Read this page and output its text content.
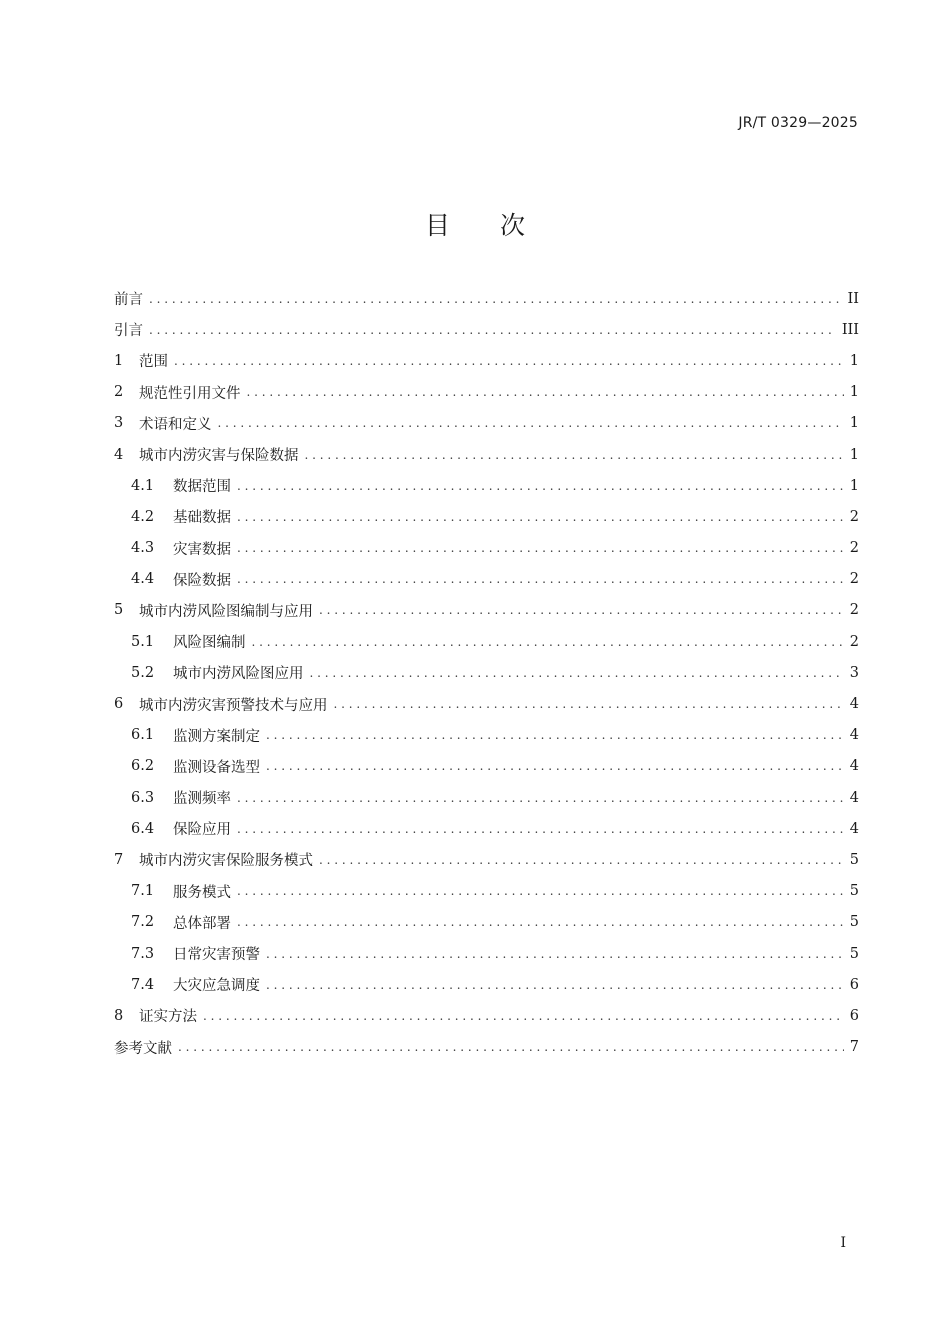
JR/T 0329—2025
目次
前言 . . .	II
引言 . . .	III
1	范围 . . .	1
2	规范性引用文件 . . .	1
3	术语和定义 . . .	1
4	城市内涝灾害与保险数据 . . .	1
4.1	数据范围 . . .	1
4.2	基础数据 . . .	2
4.3	灾害数据 . . .	2
4.4	保险数据 . . .	2
5	城市内涝风险图编制与应用 . . .	2
5.1	风险图编制 . . .	2
5.2	城市内涝风险图应用 . . .	3
6	城市内涝灾害预警技术与应用 . . .	4
6.1	监测方案制定 . . .	4
6.2	监测设备选型 . . .	4
6.3	监测频率 . . .	4
6.4	保险应用 . . .	4
7	城市内涝灾害保险服务模式 . . .	5
7.1	服务模式 . . .	5
7.2	总体部署 . . .	5
7.3	日常灾害预警 . . .	5
7.4	大灾应急调度 . . .	6
8	证实方法 . . .	6
参考文献 . . .	7
I
